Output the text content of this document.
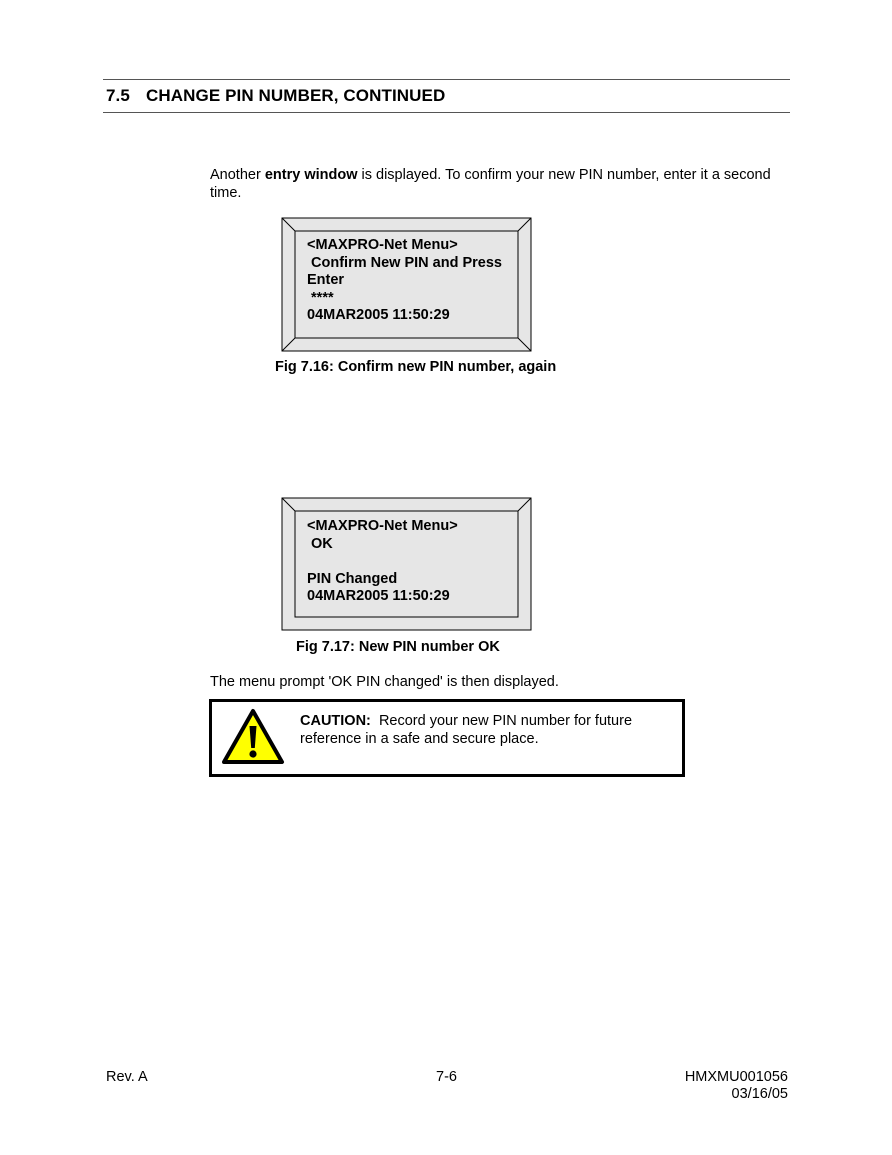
7.5 CHANGE PIN NUMBER, CONTINUED
Another entry window is displayed. To confirm your new PIN number, enter it a second time.
<MAXPRO-Net Menu>
Confirm New PIN and Press
Enter
****
04MAR2005 11:50:29
Fig 7.16: Confirm new PIN number, again
<MAXPRO-Net Menu>
OK
PIN Changed
04MAR2005 11:50:29
Fig 7.17: New PIN number OK
The menu prompt 'OK PIN changed' is then displayed.
CAUTION:  Record your new PIN number for future reference in a safe and secure place.
Rev. A	7-6	HMXMU001056
03/16/05
